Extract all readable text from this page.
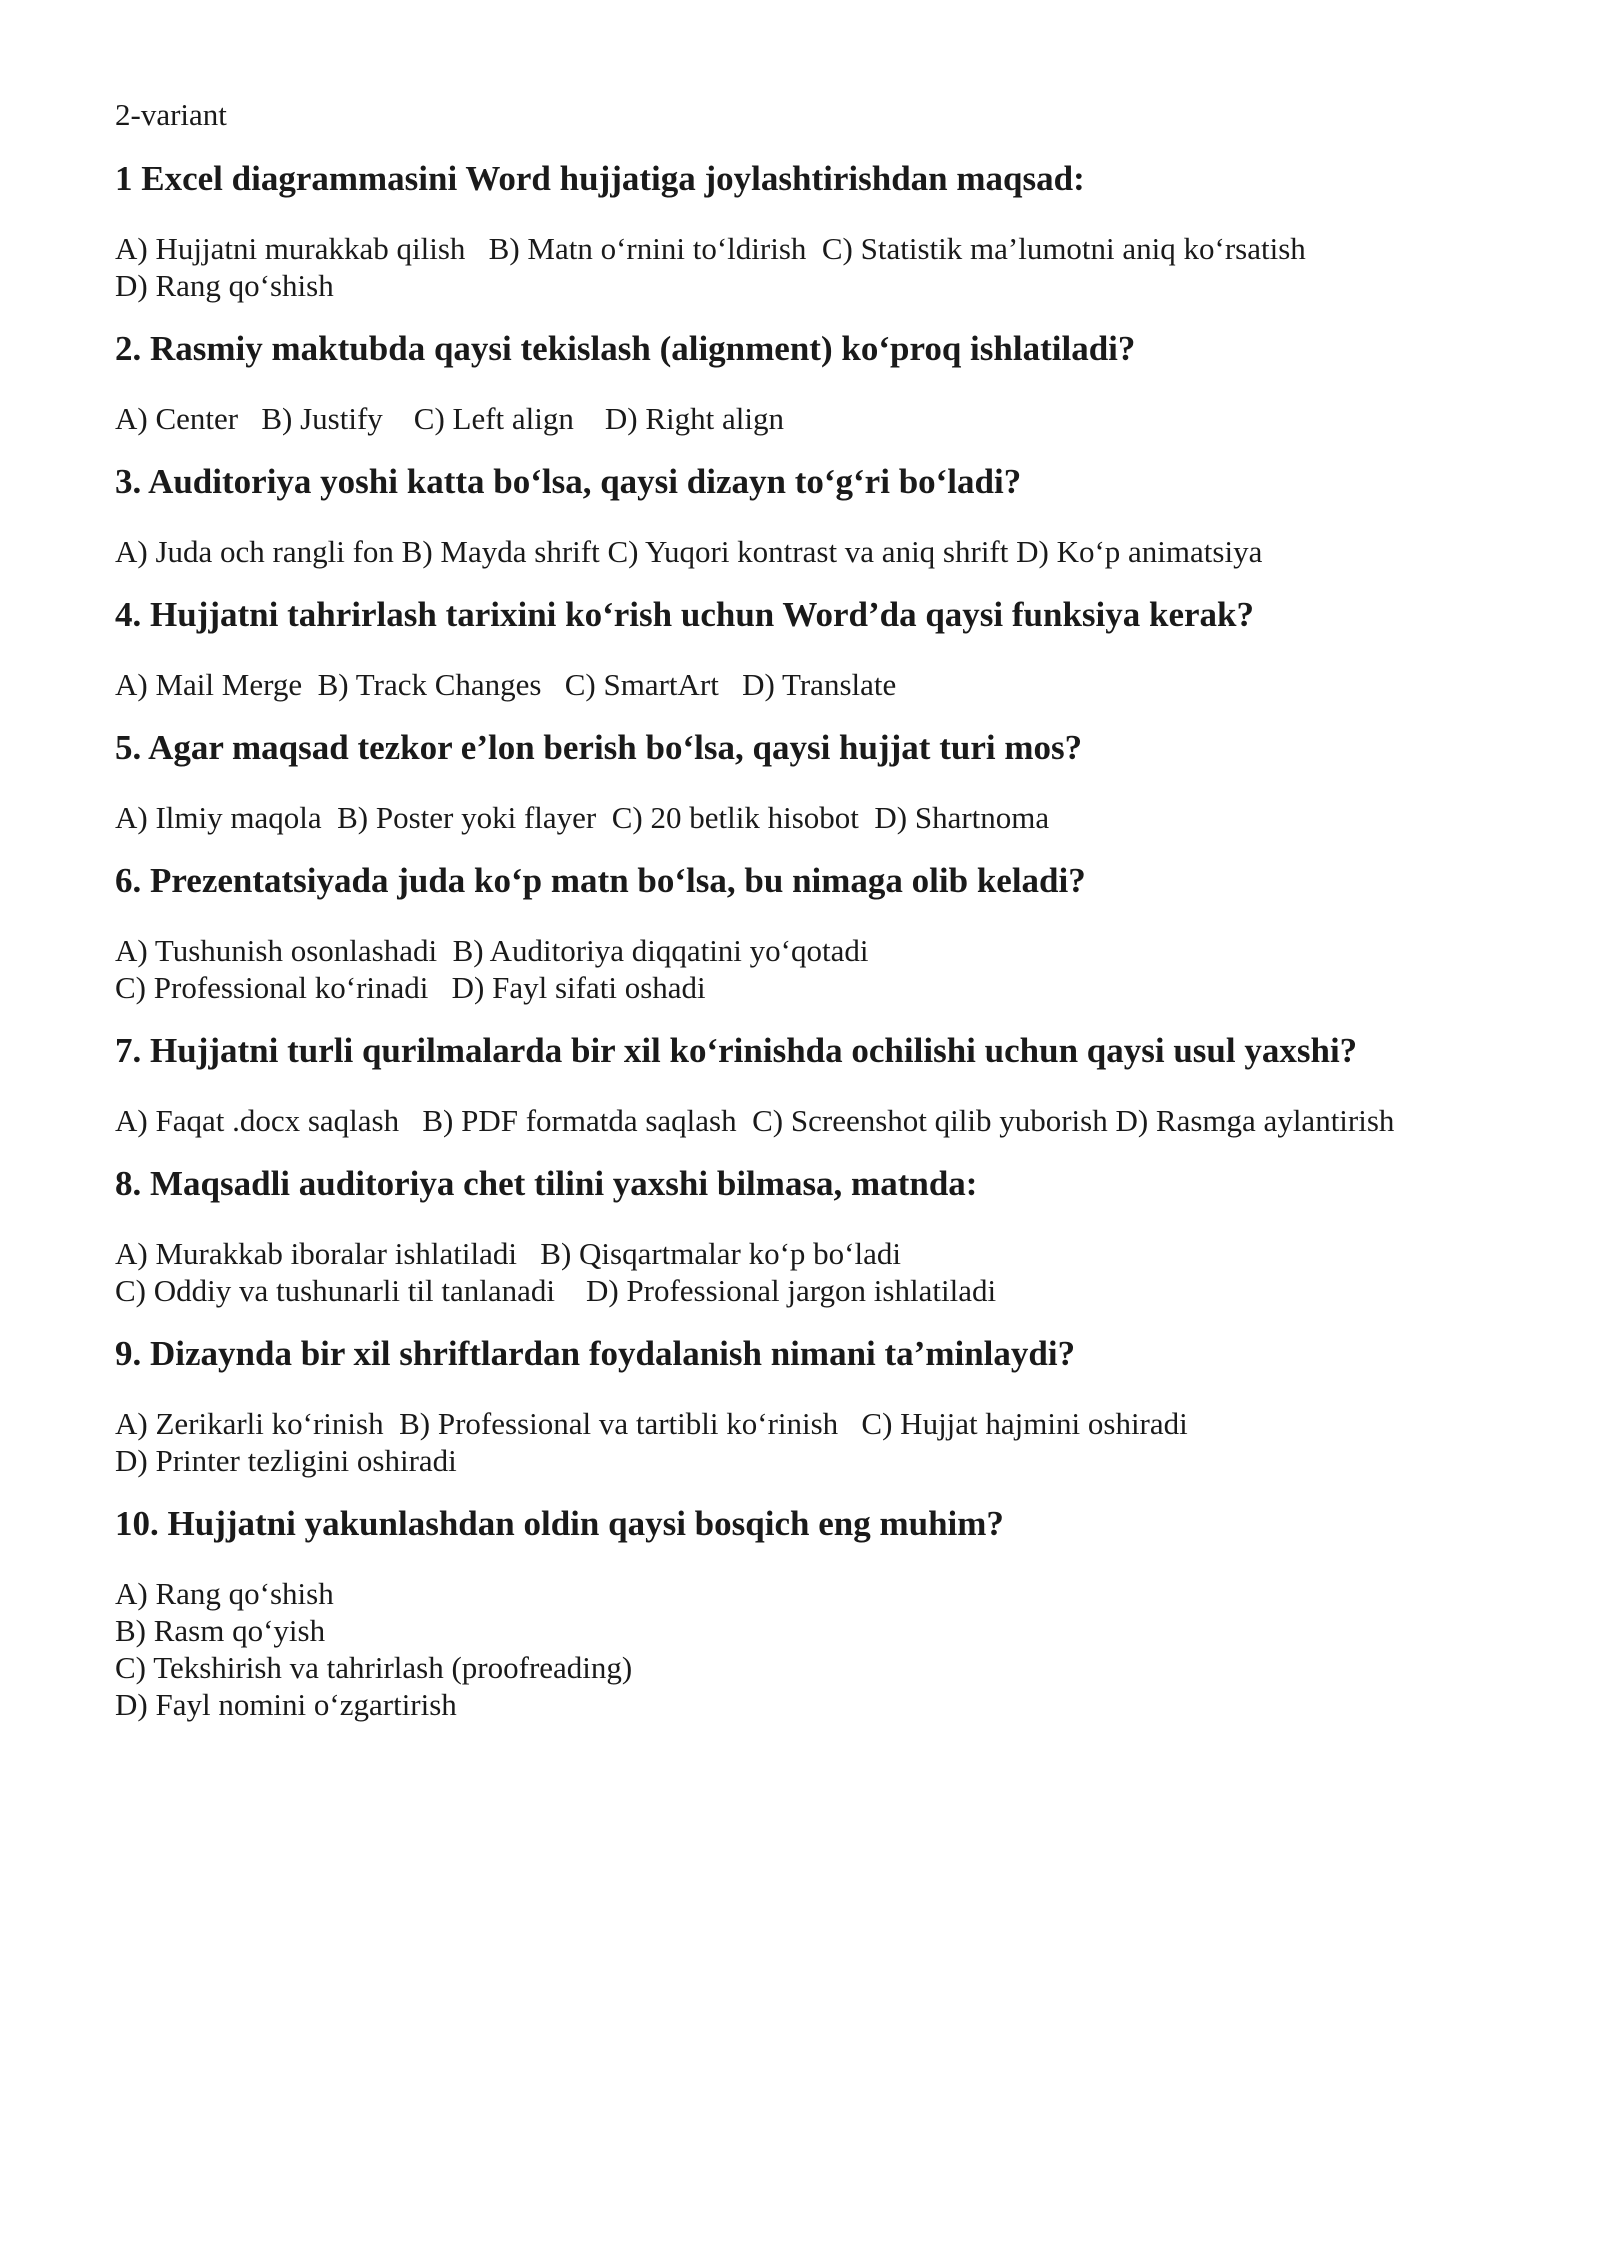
2-variant
1 Excel diagrammasini Word hujjatiga joylashtirishdan maqsad:
A) Hujjatni murakkab qilish   B) Matn o‘rnini to‘ldirish  C) Statistik ma’lumotni aniq ko‘rsatish
D) Rang qo‘shish
2. Rasmiy maktubda qaysi tekislash (alignment) ko‘proq ishlatiladi?
A) Center   B) Justify    C) Left align    D) Right align
3. Auditoriya yoshi katta bo‘lsa, qaysi dizayn to‘g‘ri bo‘ladi?
A) Juda och rangli fon B) Mayda shrift C) Yuqori kontrast va aniq shrift D) Ko‘p animatsiya
4. Hujjatni tahrirlash tarixini ko‘rish uchun Word’da qaysi funksiya kerak?
A) Mail Merge  B) Track Changes   C) SmartArt   D) Translate
5. Agar maqsad tezkor e’lon berish bo‘lsa, qaysi hujjat turi mos?
A) Ilmiy maqola  B) Poster yoki flayer  C) 20 betlik hisobot  D) Shartnoma
6. Prezentatsiyada juda ko‘p matn bo‘lsa, bu nimaga olib keladi?
A) Tushunish osonlashadi  B) Auditoriya diqqatini yo‘qotadi
C) Professional ko‘rinadi   D) Fayl sifati oshadi
7. Hujjatni turli qurilmalarda bir xil ko‘rinishda ochilishi uchun qaysi usul yaxshi?
A) Faqat .docx saqlash   B) PDF formatda saqlash  C) Screenshot qilib yuborish D) Rasmga aylantirish
8. Maqsadli auditoriya chet tilini yaxshi bilmasa, matnda:
A) Murakkab iboralar ishlatiladi   B) Qisqartmalar ko‘p bo‘ladi
C) Oddiy va tushunarli til tanlanadi    D) Professional jargon ishlatiladi
9. Dizaynda bir xil shriftlardan foydalanish nimani ta’minlaydi?
A) Zerikarli ko‘rinish  B) Professional va tartibli ko‘rinish   C) Hujjat hajmini oshiradi
D) Printer tezligini oshiradi
10. Hujjatni yakunlashdan oldin qaysi bosqich eng muhim?
A) Rang qo‘shish
B) Rasm qo‘yish
C) Tekshirish va tahrirlash (proofreading)
D) Fayl nomini o‘zgartirish
